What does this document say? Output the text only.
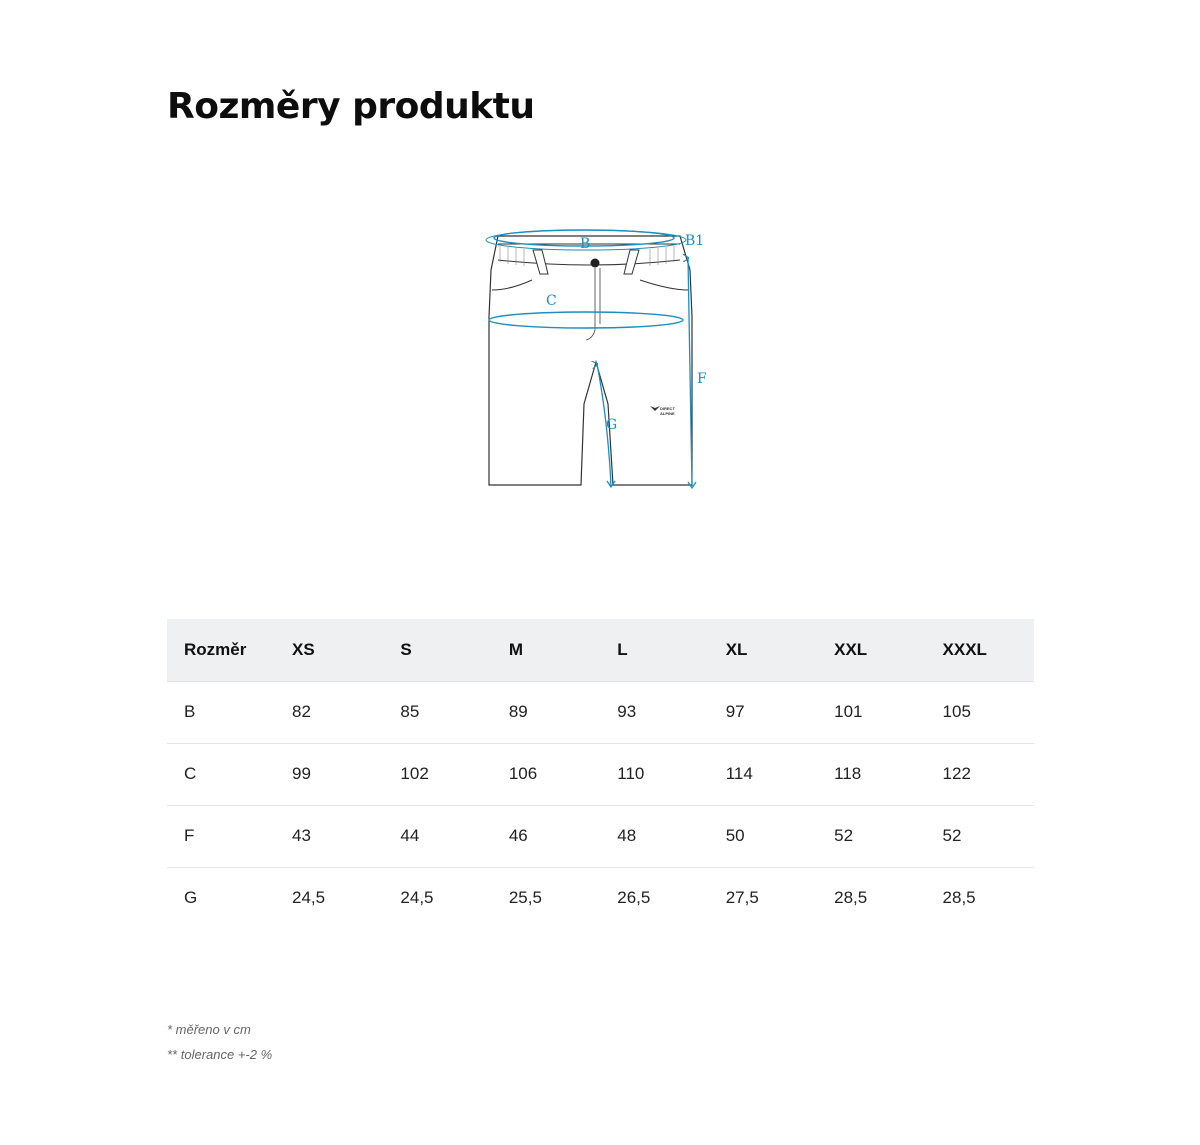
Rozměry produktu
DIRECT
ALPINE
B	B1
C
F
G
Rozměr	XS	S	M	L	XL	XXL	XXXL
B	82	85	89	93	97	101	105
C	99	102	106	110	114	118	122
F	43	44	46	48	50	52	52
G	24,5	24,5	25,5	26,5	27,5	28,5	28,5
* měřeno v cm
** tolerance +-2 %
